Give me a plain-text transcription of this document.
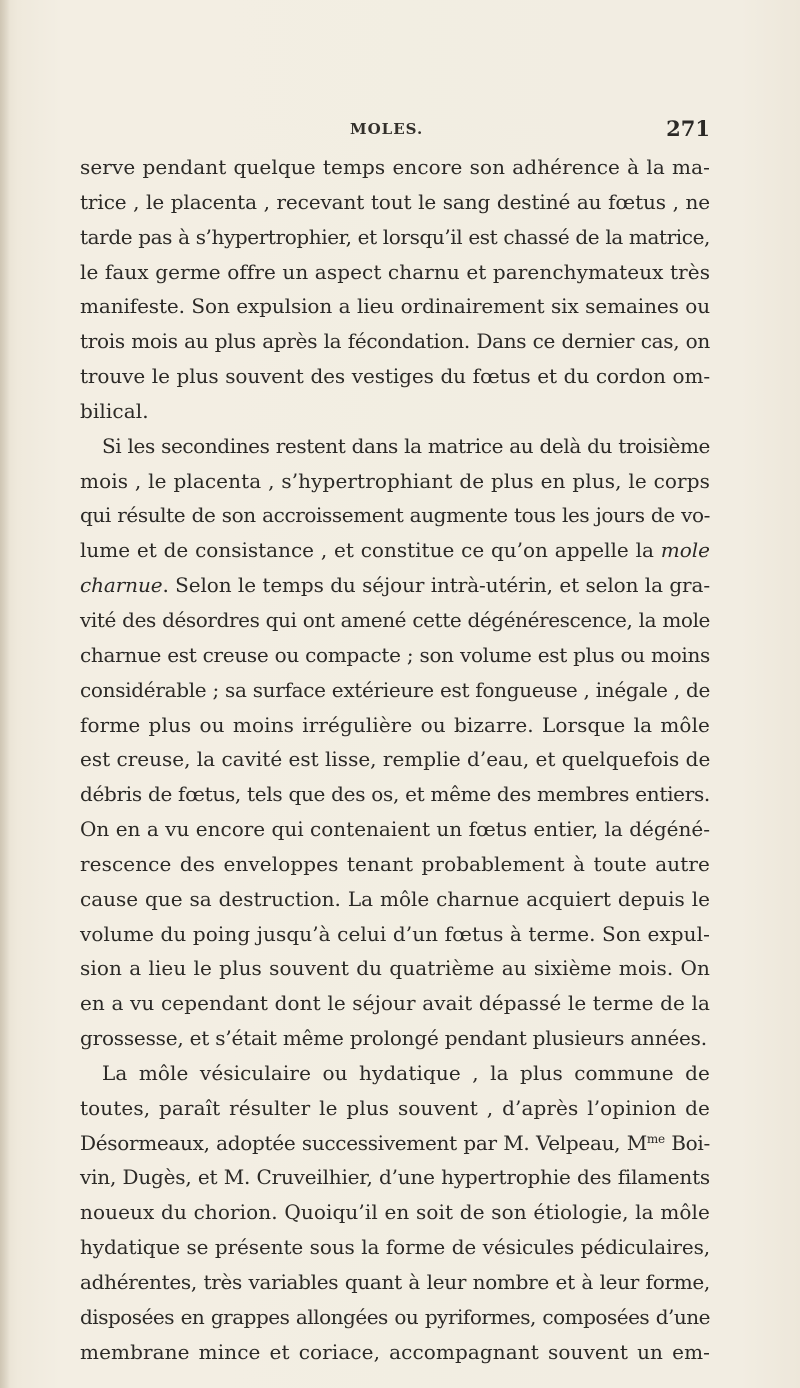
MOLES.	271
serve pendant quelque temps encore son adhérence à la ma-
trice , le placenta , recevant tout le sang destiné au fœtus , ne
tarde pas à s’hypertrophier, et lorsqu’il est chassé de la matrice,
le faux germe offre un aspect charnu et parenchymateux très
manifeste. Son expulsion a lieu ordinairement six semaines ou
trois mois au plus après la fécondation. Dans ce dernier cas, on
trouve le plus souvent des vestiges du fœtus et du cordon om-
bilical.
Si les secondines restent dans la matrice au delà du troisième
mois , le placenta , s’hypertrophiant de plus en plus, le corps
qui résulte de son accroissement augmente tous les jours de vo-
lume et de consistance , et constitue ce qu’on appelle la mole
charnue. Selon le temps du séjour intrà-utérin, et selon la gra-
vité des désordres qui ont amené cette dégénérescence, la mole
charnue est creuse ou compacte ; son volume est plus ou moins
considérable ; sa surface extérieure est fongueuse , inégale , de
forme plus ou moins irrégulière ou bizarre. Lorsque la môle
est creuse, la cavité est lisse, remplie d’eau, et quelquefois de
débris de fœtus, tels que des os, et même des membres entiers.
On en a vu encore qui contenaient un fœtus entier, la dégéné-
rescence des enveloppes tenant probablement à toute autre
cause que sa destruction. La môle charnue acquiert depuis le
volume du poing jusqu’à celui d’un fœtus à terme. Son expul-
sion a lieu le plus souvent du quatrième au sixième mois. On
en a vu cependant dont le séjour avait dépassé le terme de la
grossesse, et s’était même prolongé pendant plusieurs années.
La môle vésiculaire ou hydatique , la plus commune de
toutes, paraît résulter le plus souvent , d’après l’opinion de
Désormeaux, adoptée successivement par M. Velpeau, $M^{me}$ Boi-
vin, Dugès, et M. Cruveilhier, d’une hypertrophie des filaments
noueux du chorion. Quoiqu’il en soit de son étiologie, la môle
hydatique se présente sous la forme de vésicules pédiculaires,
adhérentes, très variables quant à leur nombre et à leur forme,
disposées en grappes allongées ou pyriformes, composées d’une
membrane mince et coriace, accompagnant souvent un em-
